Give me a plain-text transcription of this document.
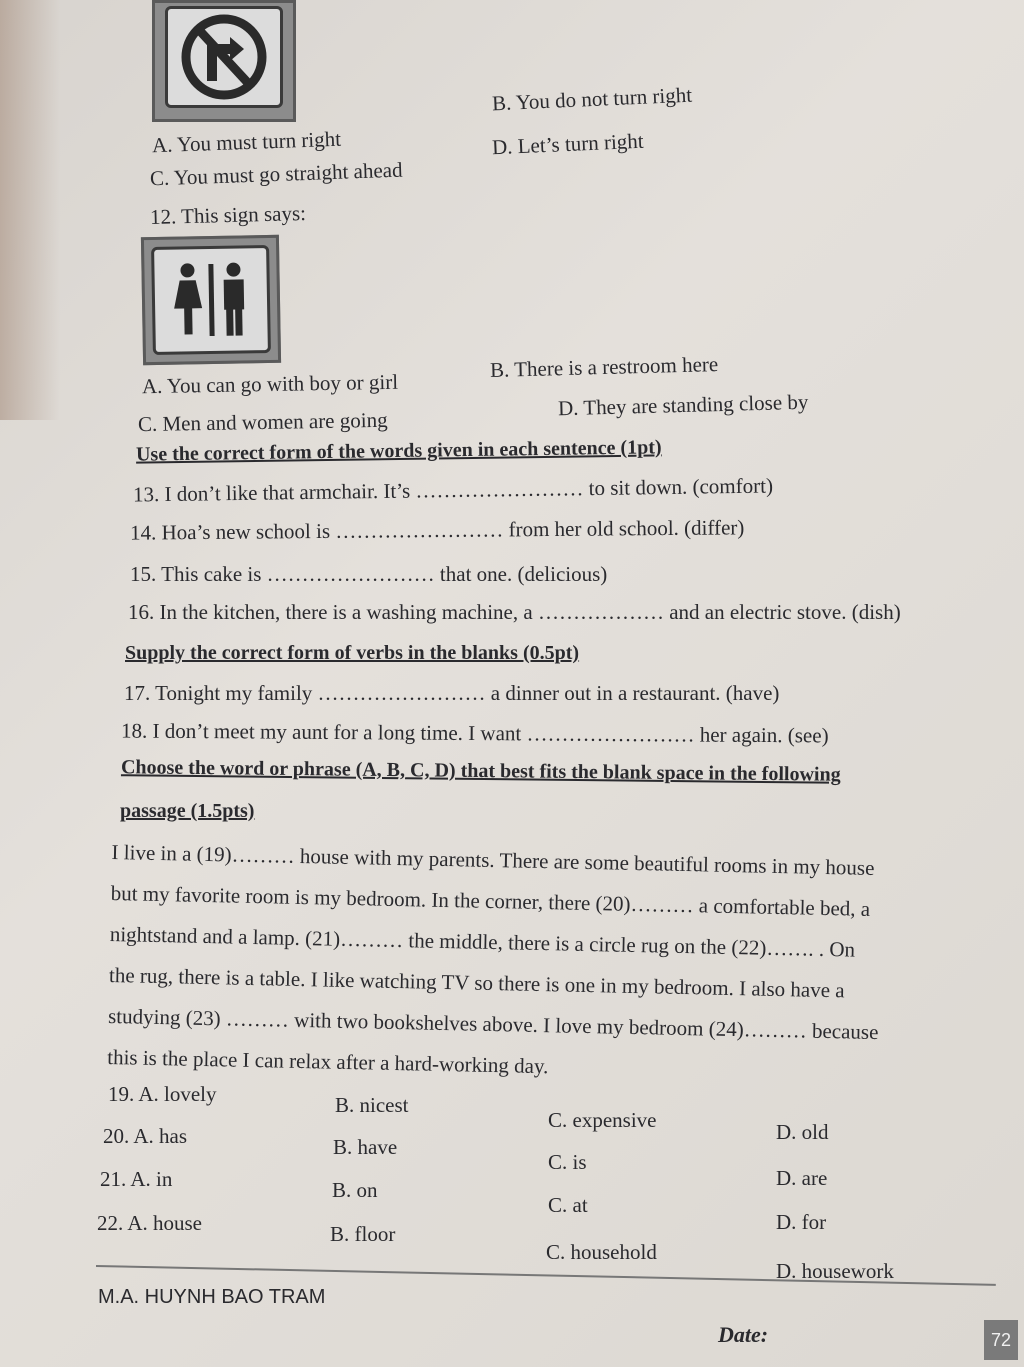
A. You must turn right
B. You do not turn right
C. You must go straight ahead
D. Let’s turn right
12. This sign says:
A. You can go with boy or girl
B. There is a restroom here
C. Men and women are going
D. They are standing close by
Use the correct form of the words given in each sentence (1pt)
13. I don’t like that armchair. It’s …………………… to sit down. (comfort)
14. Hoa’s new school is …………………… from her old school. (differ)
15. This cake is …………………… that one. (delicious)
16. In the kitchen, there is a washing machine, a ……………… and an electric stove. (dish)
Supply the correct form of verbs in the blanks (0.5pt)
17. Tonight my family …………………… a dinner out in a restaurant. (have)
18. I don’t meet my aunt for a long time. I want …………………… her again. (see)
Choose the word or phrase (A, B, C, D) that best fits the blank space in the following
passage (1.5pts)
I live in a (19)……… house with my parents. There are some beautiful rooms in my house
but my favorite room is my bedroom. In the corner, there (20)……… a comfortable bed, a
nightstand and a lamp. (21)……… the middle, there is a circle rug on the (22)……. . On
the rug, there is a table. I like watching TV so there is one in my bedroom. I also have a
studying (23) ……… with two bookshelves above. I love my bedroom (24)……… because
this is the place I can relax after a hard-working day.
19. A. lovely	B. nicest
C. expensive	D. old
20. A. has	B. have
C. is
D. are
21. A. in	B. on
C. at
D. for
22. A. house	B. floor
C. household
D. housework
M.A. HUYNH BAO TRAM
Date:	72
